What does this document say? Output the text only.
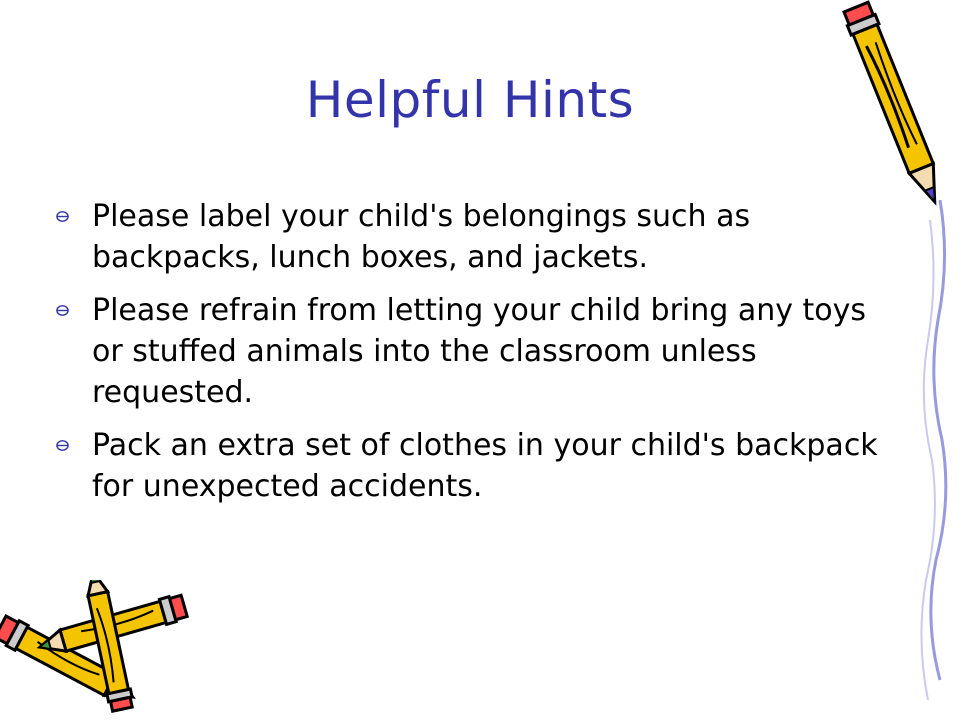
Helpful Hints
Please label your child's belongings such as backpacks, lunch boxes, and jackets.
Please refrain from letting your child bring any toys or stuffed animals into the classroom unless requested.
Pack an extra set of clothes in your child's backpack for unexpected accidents.
